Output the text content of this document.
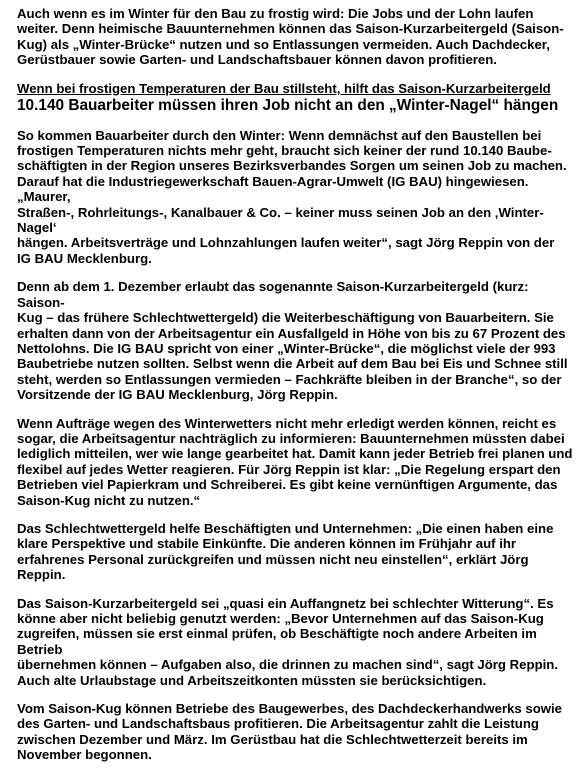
Auch wenn es im Winter für den Bau zu frostig wird: Die Jobs und der Lohn laufen
weiter. Denn heimische Bauunternehmen können das Saison-Kurzarbeitergeld (Saison-
Kug) als „Winter-Brücke“ nutzen und so Entlassungen vermeiden. Auch Dachdecker,
Gerüstbauer sowie Garten- und Landschaftsbauer können davon profitieren.

Wenn bei frostigen Temperaturen der Bau stillsteht, hilft das Saison-Kurzarbeitergeld

10.140 Bauarbeiter müssen ihren Job nicht an den „Winter-Nagel“ hängen

So kommen Bauarbeiter durch den Winter: Wenn demnächst auf den Baustellen bei
frostigen Temperaturen nichts mehr geht, braucht sich keiner der rund 10.140 Baube-
schäftigten in der Region unseres Bezirksverbandes Sorgen um seinen Job zu machen.
Darauf hat die Industriegewerkschaft Bauen-Agrar-Umwelt (IG BAU) hingewiesen. „Maurer,
Straßen-, Rohrleitungs-, Kanalbauer & Co. – keiner muss seinen Job an den ‚Winter-Nagel‘
hängen. Arbeitsverträge und Lohnzahlungen laufen weiter“, sagt Jörg Reppin von der
IG BAU Mecklenburg.

Denn ab dem 1. Dezember erlaubt das sogenannte Saison-Kurzarbeitergeld (kurz: Saison-
Kug – das frühere Schlechtwettergeld) die Weiterbeschäftigung von Bauarbeitern. Sie
erhalten dann von der Arbeitsagentur ein Ausfallgeld in Höhe von bis zu 67 Prozent des
Nettolohns. Die IG BAU spricht von einer „Winter-Brücke“, die möglichst viele der 993
Baubetriebe nutzen sollten. Selbst wenn die Arbeit auf dem Bau bei Eis und Schnee still
steht, werden so Entlassungen vermieden – Fachkräfte bleiben in der Branche“, so der
Vorsitzende der IG BAU Mecklenburg, Jörg Reppin.

Wenn Aufträge wegen des Winterwetters nicht mehr erledigt werden können, reicht es
sogar, die Arbeitsagentur nachträglich zu informieren: Bauunternehmen müssten dabei
lediglich mitteilen, wer wie lange gearbeitet hat. Damit kann jeder Betrieb frei planen und
flexibel auf jedes Wetter reagieren. Für Jörg Reppin ist klar: „Die Regelung erspart den
Betrieben viel Papierkram und Schreiberei. Es gibt keine vernünftigen Argumente, das
Saison-Kug nicht zu nutzen.“

Das Schlechtwettergeld helfe Beschäftigten und Unternehmen: „Die einen haben eine
klare Perspektive und stabile Einkünfte. Die anderen können im Frühjahr auf ihr
erfahrenes Personal zurückgreifen und müssen nicht neu einstellen“, erklärt Jörg Reppin.

Das Saison-Kurzarbeitergeld sei „quasi ein Auffangnetz bei schlechter Witterung“. Es
könne aber nicht beliebig genutzt werden: „Bevor Unternehmen auf das Saison-Kug
zugreifen, müssen sie erst einmal prüfen, ob Beschäftigte noch andere Arbeiten im Betrieb
übernehmen können – Aufgaben also, die drinnen zu machen sind“, sagt Jörg Reppin.
Auch alte Urlaubstage und Arbeitszeitkonten müssten sie berücksichtigen.

Vom Saison-Kug können Betriebe des Baugewerbes, des Dachdeckerhandwerks sowie
des Garten- und Landschaftsbaus profitieren. Die Arbeitsagentur zahlt die Leistung
zwischen Dezember und März. Im Gerüstbau hat die Schlechtwetterzeit bereits im
November begonnen.
